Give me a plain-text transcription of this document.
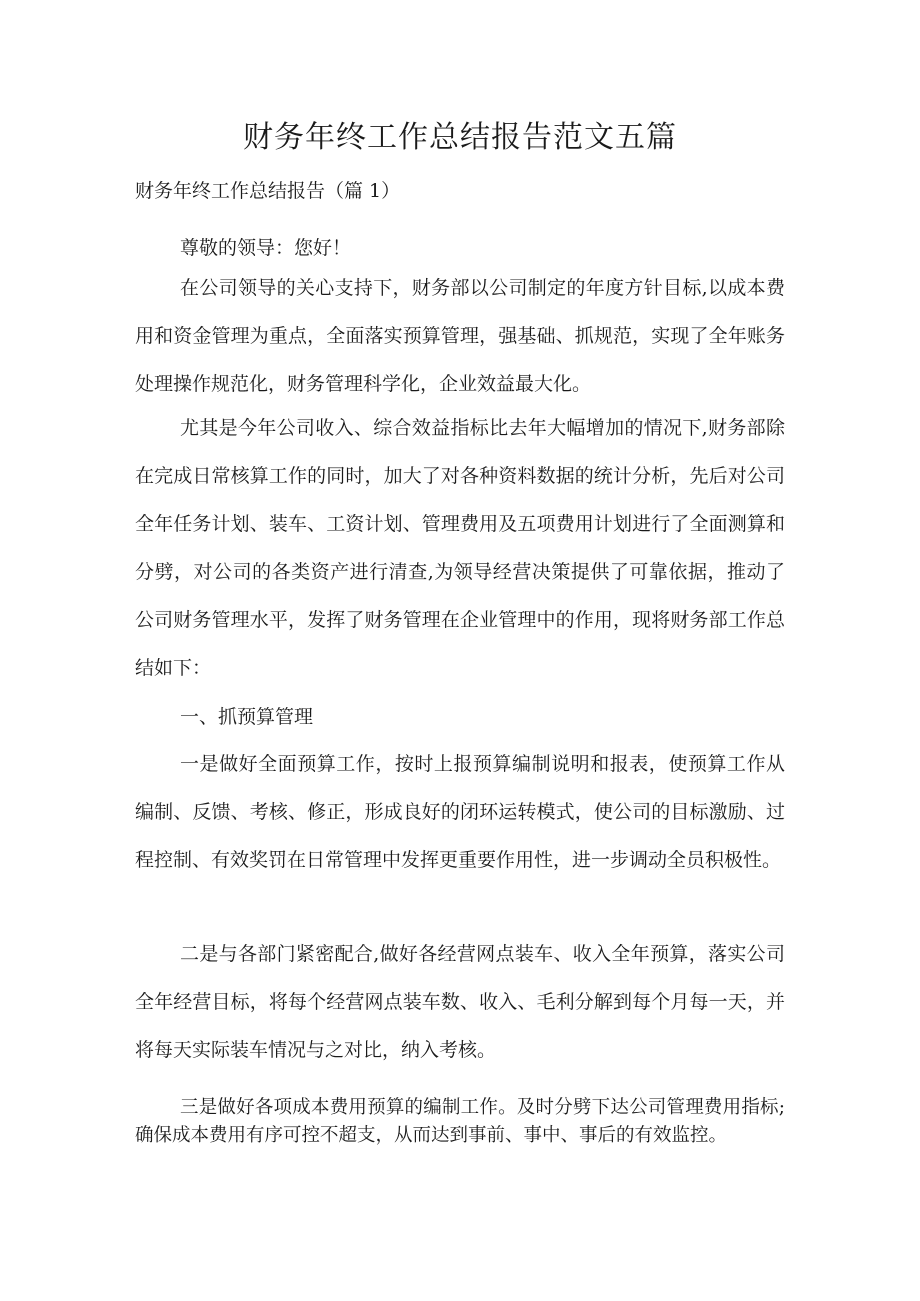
财务年终工作总结报告范文五篇

财务年终工作总结报告（篇 1）

尊敬的领导：您好！

在公司领导的关心支持下，财务部以公司制定的年度方针目标,以成本费用和资金管理为重点，全面落实预算管理，强基础、抓规范，实现了全年账务处理操作规范化，财务管理科学化，企业效益最大化。

尤其是今年公司收入、综合效益指标比去年大幅增加的情况下,财务部除在完成日常核算工作的同时，加大了对各种资料数据的统计分析，先后对公司全年任务计划、装车、工资计划、管理费用及五项费用计划进行了全面测算和分劈，对公司的各类资产进行清查,为领导经营决策提供了可靠依据，推动了公司财务管理水平，发挥了财务管理在企业管理中的作用，现将财务部工作总结如下：

一、抓预算管理

一是做好全面预算工作，按时上报预算编制说明和报表，使预算工作从编制、反馈、考核、修正，形成良好的闭环运转模式，使公司的目标激励、过程控制、有效奖罚在日常管理中发挥更重要作用性，进一步调动全员积极性。

二是与各部门紧密配合,做好各经营网点装车、收入全年预算，落实公司全年经营目标，将每个经营网点装车数、收入、毛利分解到每个月每一天，并将每天实际装车情况与之对比，纳入考核。

三是做好各项成本费用预算的编制工作。及时分劈下达公司管理费用指标;确保成本费用有序可控不超支，从而达到事前、事中、事后的有效监控。
